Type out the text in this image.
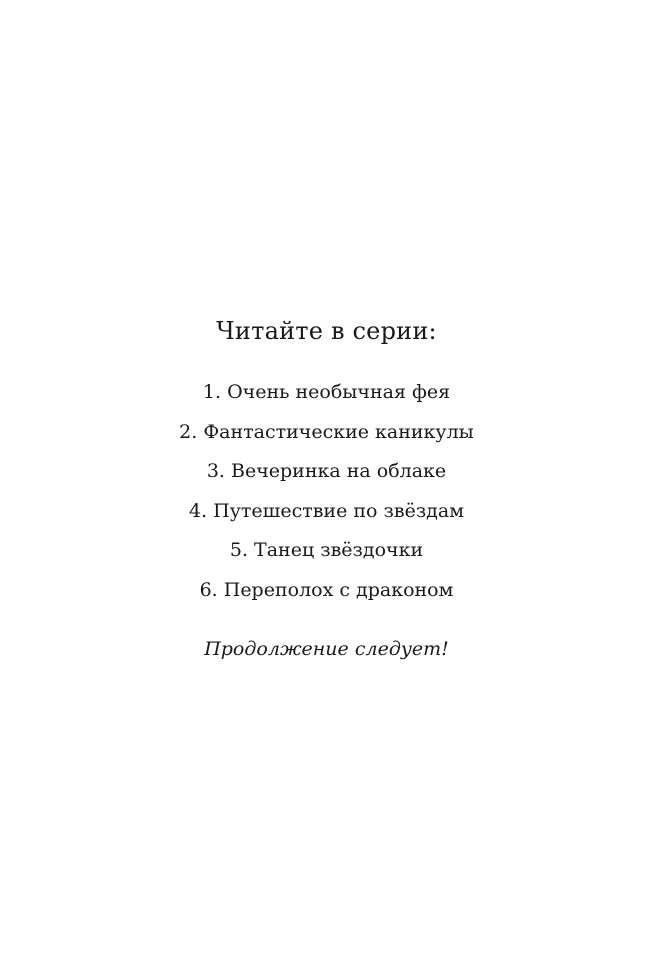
Читайте в серии:
1. Очень необычная фея
2. Фантастические каникулы
3. Вечеринка на облаке
4. Путешествие по звёздам
5. Танец звёздочки
6. Переполох с драконом
Продолжение следует!
